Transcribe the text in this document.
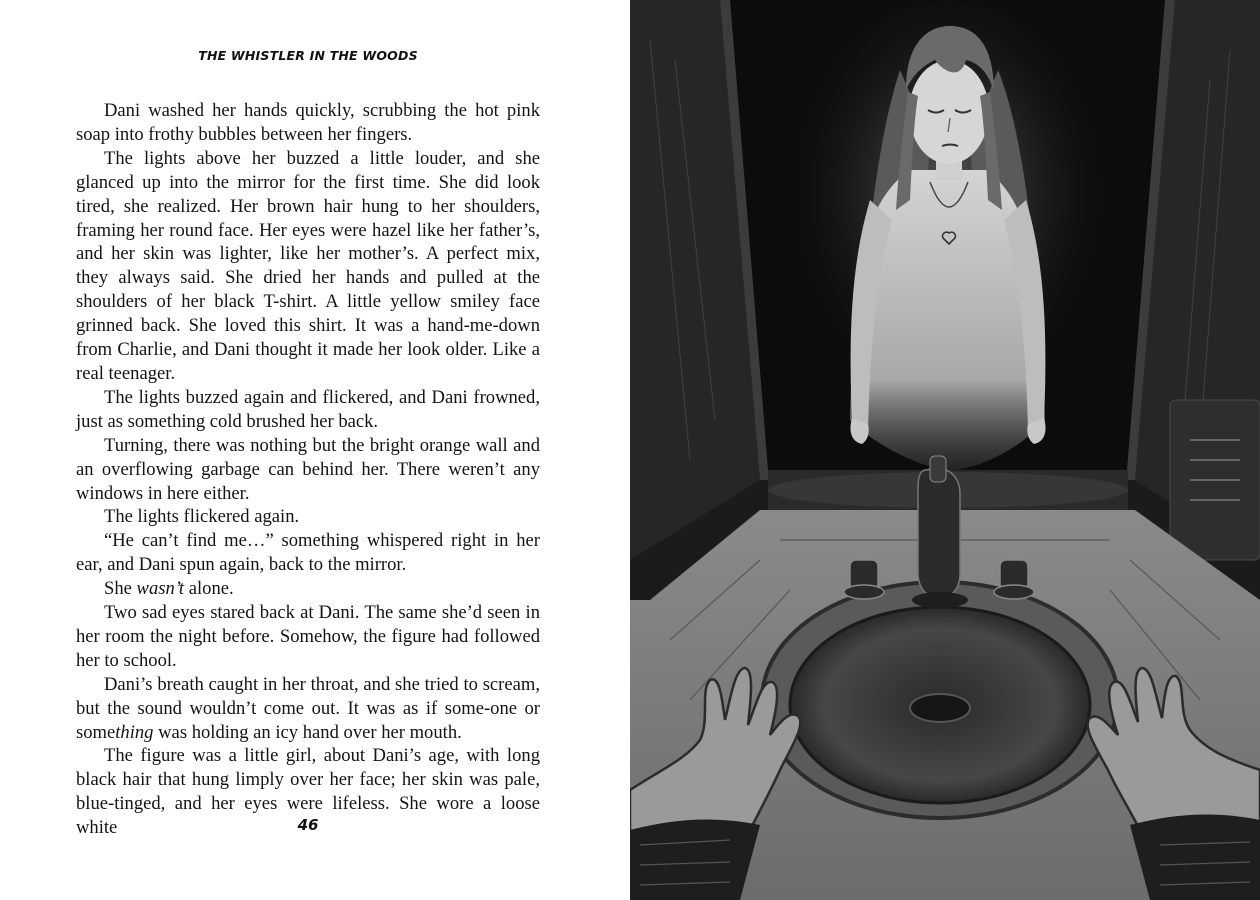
THE WHISTLER IN THE WOODS

Dani washed her hands quickly, scrubbing the hot pink soap into frothy bubbles between her fingers.

The lights above her buzzed a little louder, and she glanced up into the mirror for the first time. She did look tired, she realized. Her brown hair hung to her shoulders, framing her round face. Her eyes were hazel like her father’s, and her skin was lighter, like her mother’s. A perfect mix, they always said. She dried her hands and pulled at the shoulders of her black T-shirt. A little yellow smiley face grinned back. She loved this shirt. It was a hand-me-down from Charlie, and Dani thought it made her look older. Like a real teenager.

The lights buzzed again and flickered, and Dani frowned, just as something cold brushed her back.

Turning, there was nothing but the bright orange wall and an overflowing garbage can behind her. There weren’t any windows in here either.

The lights flickered again.

“He can’t find me…” something whispered right in her ear, and Dani spun again, back to the mirror.

She wasn’t alone.

Two sad eyes stared back at Dani. The same she’d seen in her room the night before. Somehow, the figure had followed her to school.

Dani’s breath caught in her throat, and she tried to scream, but the sound wouldn’t come out. It was as if some-one or something was holding an icy hand over her mouth.

The figure was a little girl, about Dani’s age, with long black hair that hung limply over her face; her skin was pale, blue-tinged, and her eyes were lifeless. She wore a loose white	46
